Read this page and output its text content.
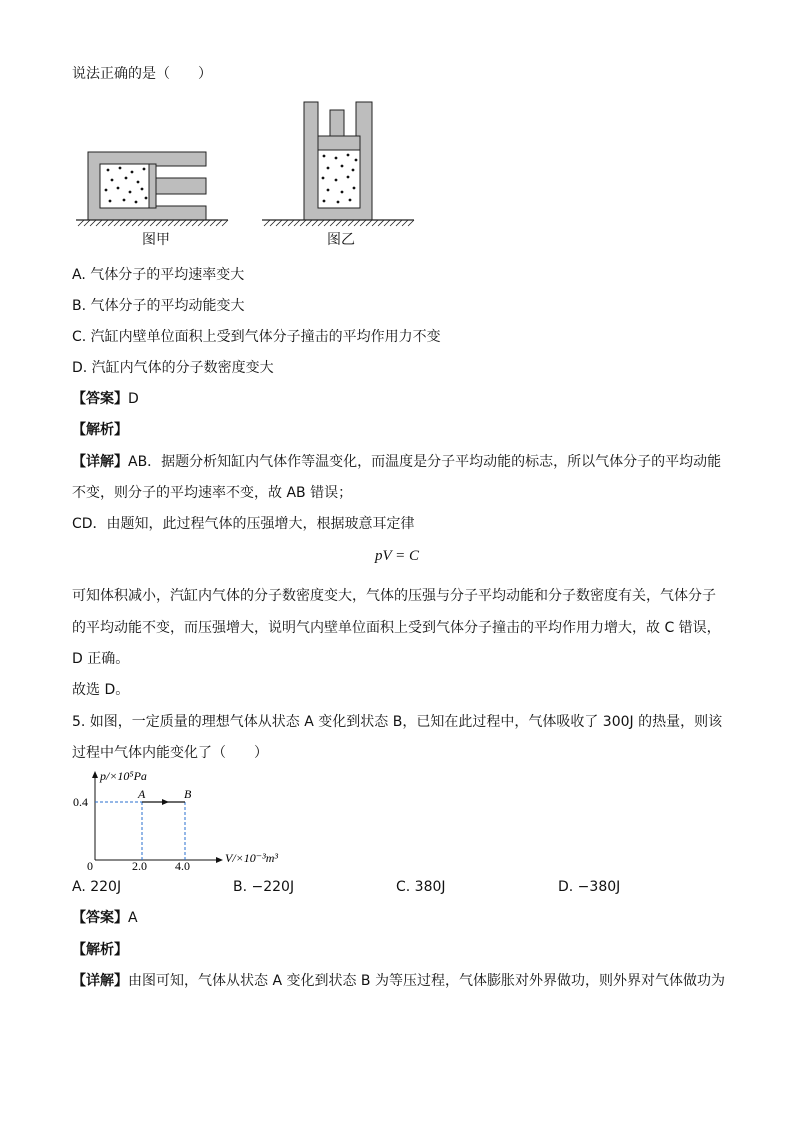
说法正确的是（　　）
图甲	图乙
A. 气体分子的平均速率变大
B. 气体分子的平均动能变大
C. 汽缸内壁单位面积上受到气体分子撞击的平均作用力不变
D. 汽缸内气体的分子数密度变大
【答案】D
【解析】
【详解】AB．据题分析知缸内气体作等温变化，而温度是分子平均动能的标志，所以气体分子的平均动能
不变，则分子的平均速率不变，故 AB 错误；
CD．由题知，此过程气体的压强增大，根据玻意耳定律
pV = C
可知体积减小，汽缸内气体的分子数密度变大，气体的压强与分子平均动能和分子数密度有关，气体分子
的平均动能不变，而压强增大，说明气内壁单位面积上受到气体分子撞击的平均作用力增大，故 C 错误，
D 正确。
故选 D。
5. 如图，一定质量的理想气体从状态 A 变化到状态 B，已知在此过程中，气体吸收了 300J 的热量，则该
过程中气体内能变化了（　　）
p/×10⁵Pa
V/×10⁻³m³
0
0.4
2.0 4.0
A	B
A. 220J	B. −220J	C. 380J	D. −380J
【答案】A
【解析】
【详解】由图可知，气体从状态 A 变化到状态 B 为等压过程，气体膨胀对外界做功，则外界对气体做功为
